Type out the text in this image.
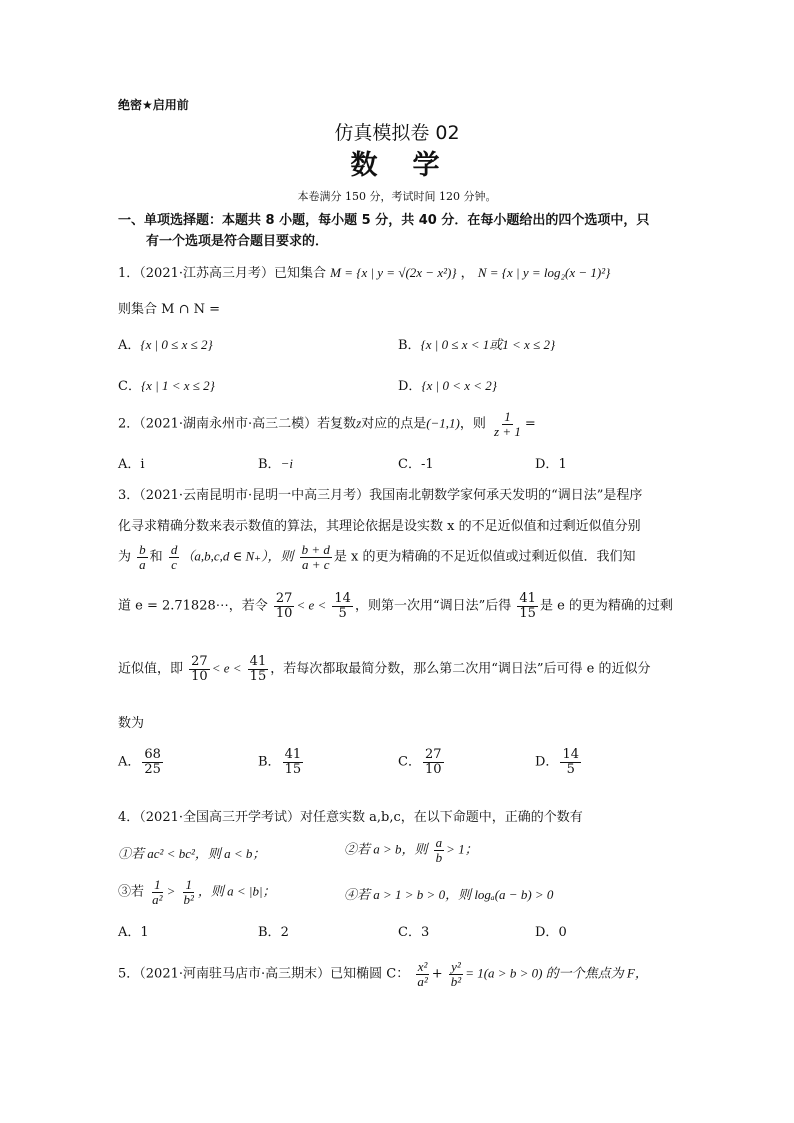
绝密★启用前
仿真模拟卷 02
数　学
本卷满分 150 分，考试时间 120 分钟。
一、单项选择题：本题共 8 小题，每小题 5 分，共 40 分．在每小题给出的四个选项中，只
有一个选项是符合题目要求的．
1．（2021·江苏高三月考）已知集合 M = {x | y = √(2x − x²)} ， N = {x | y = log₂(x − 1)²}
则集合 M ∩ N =
A．{x | 0 ≤ x ≤ 2}	B．{x | 0 ≤ x < 1或1 < x ≤ 2}
C．{x | 1 < x ≤ 2}	D．{x | 0 < x < 2}
2．（2021·湖南永州市·高三二模）若复数z对应的点是(−1,1)，则 $\frac{1}{z + 1}$ =
A．i	B．−i	C．-1	D．1
3．（2021·云南昆明市·昆明一中高三月考）我国南北朝数学家何承天发明的“调日法”是程序
化寻求精确分数来表示数值的算法，其理论依据是设实数 x 的不足近似值和过剩近似值分别
为 $\frac{b}{a}$ 和 $\frac{d}{c} (a,b,c,d$ ∈ N₊），则 $\frac{b + d}{a + c}$ 是 x 的更为精确的不足近似值或过剩近似值．我们知
道 e = 2.71828⋯，若令 $\frac{27}{10} < e < \frac{14}{5}$ ，则第一次用“调日法”后得 $\frac{41}{15}$ 是 e 的更为精确的过剩
近似值，即 $\frac{27}{10} < e < \frac{41}{15}$ ，若每次都取最简分数，那么第二次用“调日法”后可得 e 的近似分
数为
A． $\frac{68}{25}$	B． $\frac{41}{15}$	C． $\frac{27}{10}$	D． $\frac{14}{5}$
4．（2021·全国高三开学考试）对任意实数 a,b,c，在以下命题中，正确的个数有
①若 ac² < bc²，则 a < b；	②若 a > b，则 $\frac{a}{b} > 1$；
③若 $\frac{1}{\text{a²}} > \frac{1}{\text{b²}}$ ，则 a < |b|；	④若 a > 1 > b > 0，则 logₐ(a − b) > 0
A．1	B．2	C．3	D．0
5．（2021·河南驻马店市·高三期末）已知椭圆 C： $\frac{\text{x²}}{\text{a²}} + \frac{\text{y²}}{\text{b²}} = 1(a > b > 0)$ 的一个焦点为 F，
